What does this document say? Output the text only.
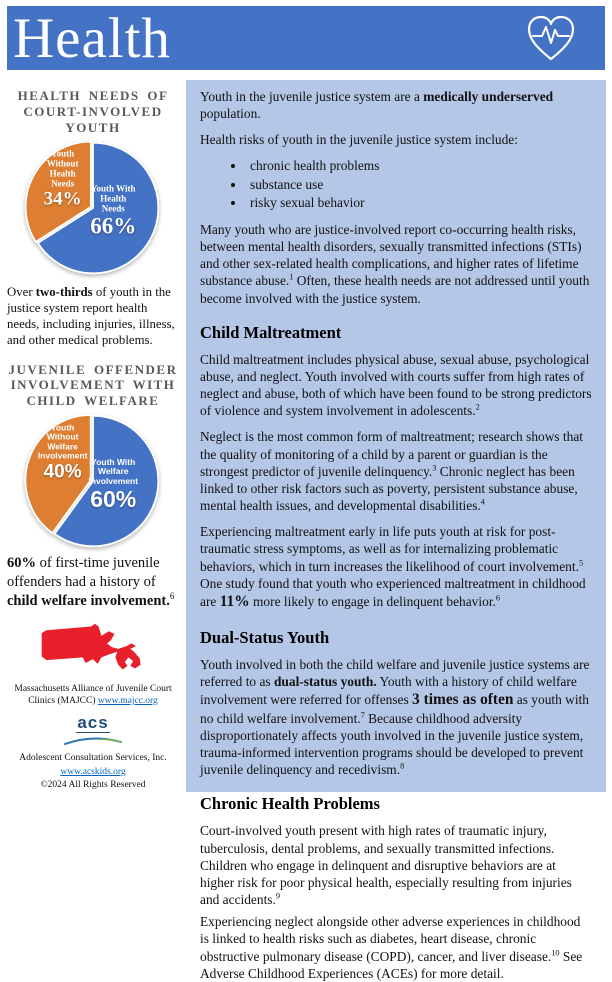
Health
HEALTH NEEDS OF COURT-INVOLVED YOUTH
Youth With
Health
Needs
66%
Youth
Without
Health
Needs
34%

Over two-thirds of youth in the justice system report health needs, including injuries, illness, and other medical problems.

JUVENILE OFFENDER INVOLVEMENT WITH CHILD WELFARE
Youth With
Welfare
Involvement
60%
Youth
Without
Welfare
Involvement
40%

60% of first-time juvenile offenders had a history of child welfare involvement.$^6$

Massachusetts Alliance of Juvenile Court Clinics (MAJCC) www.majcc.org

acs

Adolescent Consultation Services, Inc.

www.acskids.org

©2024 All Rights Reserved

Youth in the juvenile justice system are a medically underserved population.

Health risks of youth in the juvenile justice system include:

• chronic health problems
• substance use
• risky sexual behavior

Many youth who are justice-involved report co-occurring health risks, between mental health disorders, sexually transmitted infections (STIs) and other sex-related health complications, and higher rates of lifetime substance abuse.$^1$ Often, these health needs are not addressed until youth become involved with the justice system.

Child Maltreatment

Child maltreatment includes physical abuse, sexual abuse, psychological abuse, and neglect. Youth involved with courts suffer from high rates of neglect and abuse, both of which have been found to be strong predictors of violence and system involvement in adolescents.$^2$

Neglect is the most common form of maltreatment; research shows that the quality of monitoring of a child by a parent or guardian is the strongest predictor of juvenile delinquency.$^3$ Chronic neglect has been linked to other risk factors such as poverty, persistent substance abuse, mental health issues, and developmental disabilities.$^4$

Experiencing maltreatment early in life puts youth at risk for post-traumatic stress symptoms, as well as for internalizing problematic behaviors, which in turn increases the likelihood of court involvement.$^5$ One study found that youth who experienced maltreatment in childhood are 11% more likely to engage in delinquent behavior.$^6$

Dual-Status Youth

Youth involved in both the child welfare and juvenile justice systems are referred to as dual-status youth. Youth with a history of child welfare involvement were referred for offenses 3 times as often as youth with no child welfare involvement.$^7$ Because childhood adversity disproportionately affects youth involved in the juvenile justice system, trauma-informed intervention programs should be developed to prevent juvenile delinquency and recedivism.$^8$

Chronic Health Problems

Court-involved youth present with high rates of traumatic injury, tuberculosis, dental problems, and sexually transmitted infections. Children who engage in delinquent and disruptive behaviors are at higher risk for poor physical health, especially resulting from injuries and accidents.$^9$

Experiencing neglect alongside other adverse experiences in childhood is linked to health risks such as diabetes, heart disease, chronic obstructive pulmonary disease (COPD), cancer, and liver disease.$^{10}$ See Adverse Childhood Experiences (ACEs) for more detail.
